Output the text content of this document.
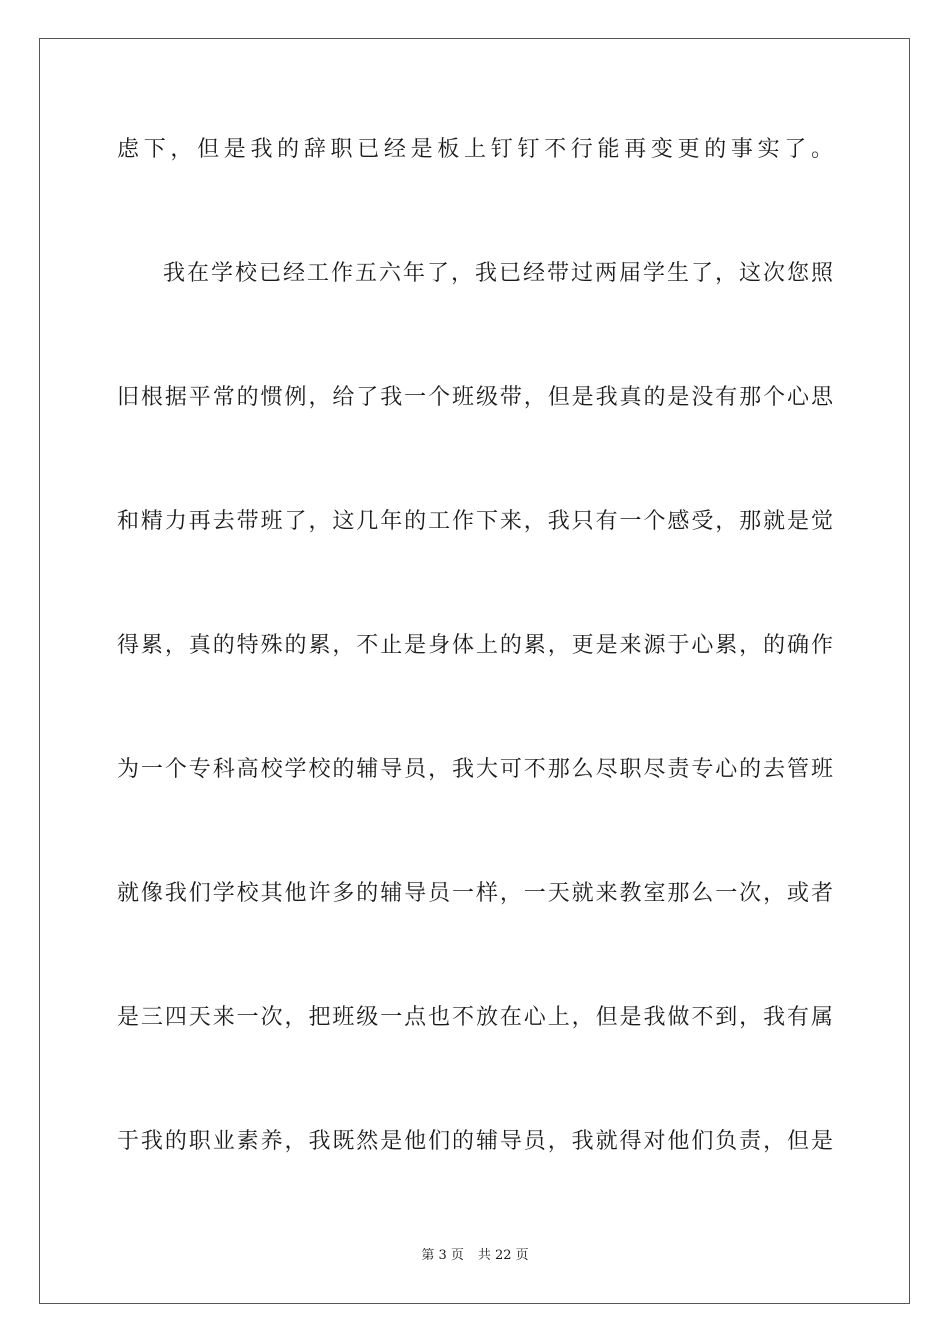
虑下，但是我的辞职已经是板上钉钉不行能再变更的事实了。

我在学校已经工作五六年了，我已经带过两届学生了，这次您照

旧根据平常的惯例，给了我一个班级带，但是我真的是没有那个心思

和精力再去带班了，这几年的工作下来，我只有一个感受，那就是觉

得累，真的特殊的累，不止是身体上的累，更是来源于心累，的确作

为一个专科高校学校的辅导员，我大可不那么尽职尽责专心的去管班

就像我们学校其他许多的辅导员一样，一天就来教室那么一次，或者

是三四天来一次，把班级一点也不放在心上，但是我做不到，我有属

于我的职业素养，我既然是他们的辅导员，我就得对他们负责，但是

第 3 页 共 22 页
